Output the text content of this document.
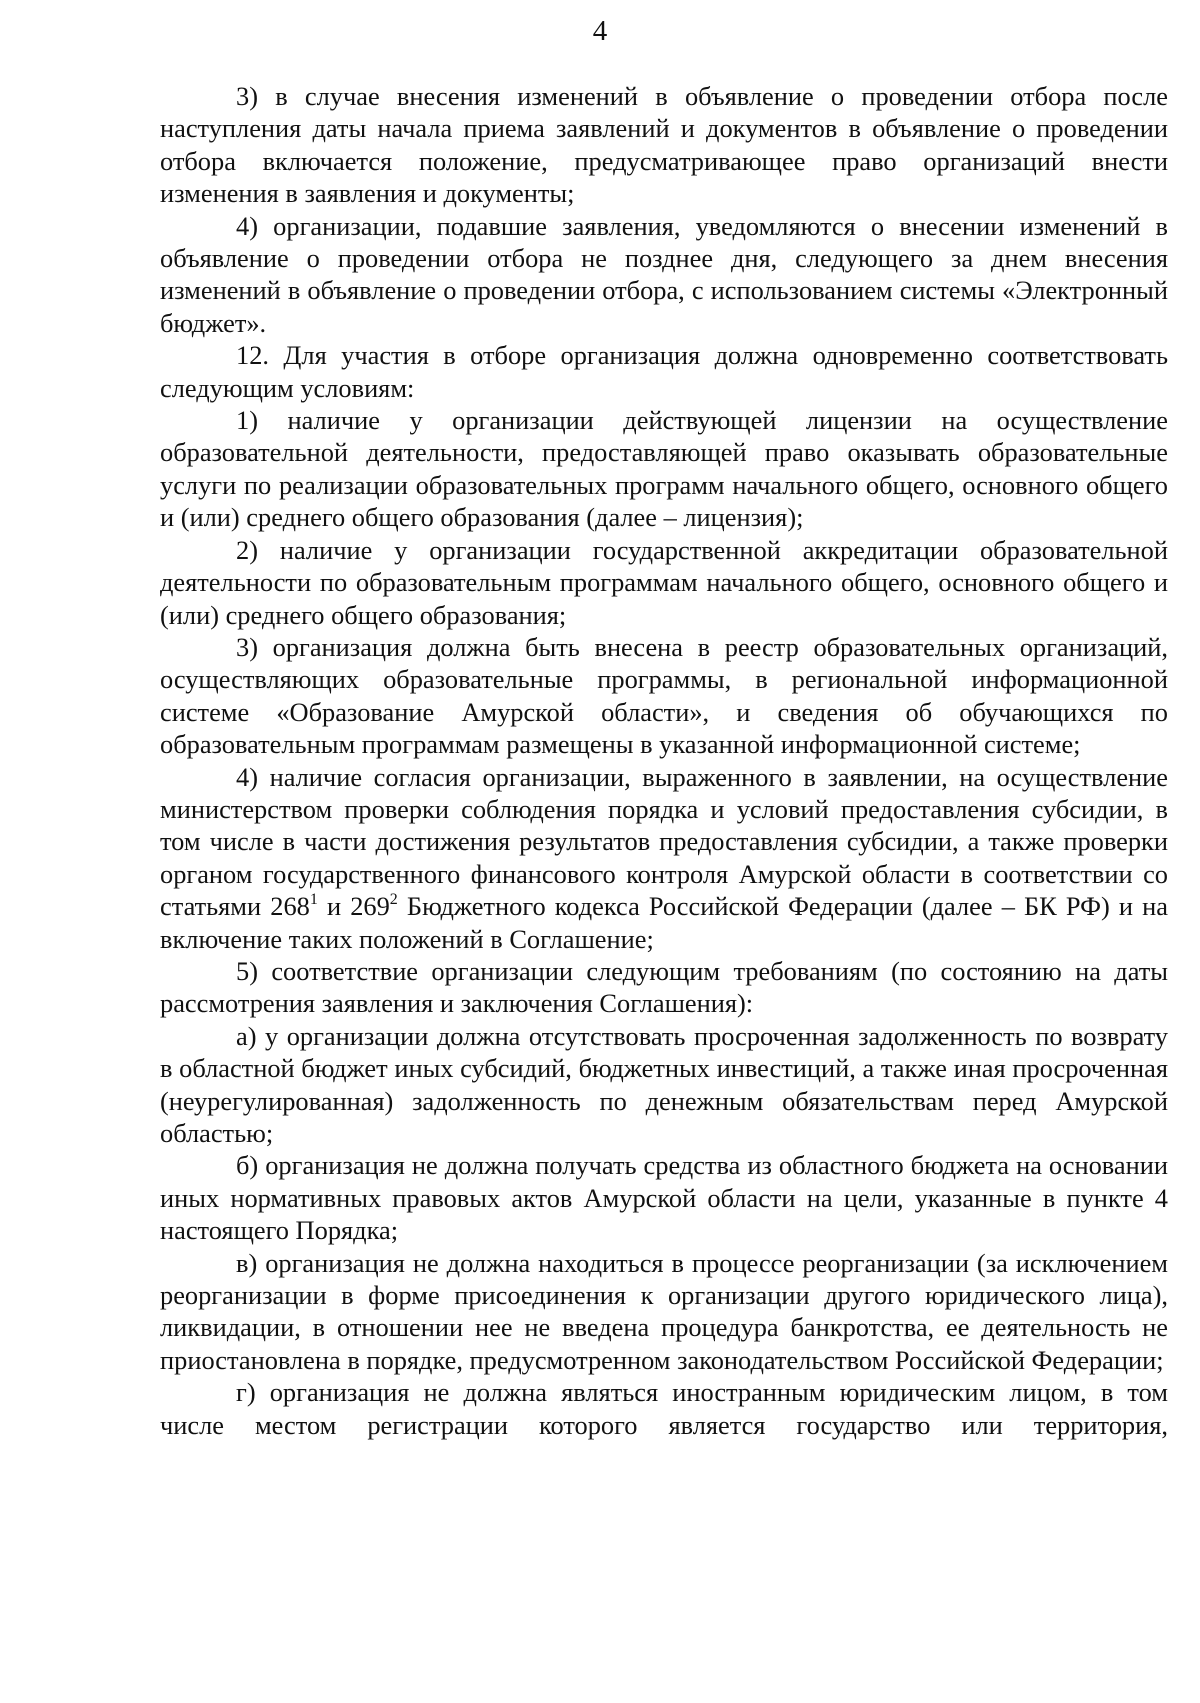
4

3) в случае внесения изменений в объявление о проведении отбора после наступления даты начала приема заявлений и документов в объявление о проведении отбора включается положение, предусматривающее право организаций внести изменения в заявления и документы;

4) организации, подавшие заявления, уведомляются о внесении изменений в объявление о проведении отбора не позднее дня, следующего за днем внесения изменений в объявление о проведении отбора, с использованием системы «Электронный бюджет».

12. Для участия в отборе организация должна одновременно соответствовать следующим условиям:

1) наличие у организации действующей лицензии на осуществление образовательной деятельности, предоставляющей право оказывать образовательные услуги по реализации образовательных программ начального общего, основного общего и (или) среднего общего образования (далее – лицензия);

2) наличие у организации государственной аккредитации образовательной деятельности по образовательным программам начального общего, основного общего и (или) среднего общего образования;

3) организация должна быть внесена в реестр образовательных организаций, осуществляющих образовательные программы, в региональной информационной системе «Образование Амурской области», и сведения об обучающихся по образовательным программам размещены в указанной информационной системе;

4) наличие согласия организации, выраженного в заявлении, на осуществление министерством проверки соблюдения порядка и условий предоставления субсидии, в том числе в части достижения результатов предоставления субсидии, а также проверки органом государственного финансового контроля Амурской области в соответствии со статьями $268^1$ и $269^2$ Бюджетного кодекса Российской Федерации (далее – БК РФ) и на включение таких положений в Соглашение;

5) соответствие организации следующим требованиям (по состоянию на даты рассмотрения заявления и заключения Соглашения):

а) у организации должна отсутствовать просроченная задолженность по возврату в областной бюджет иных субсидий, бюджетных инвестиций, а также иная просроченная (неурегулированная) задолженность по денежным обязательствам перед Амурской областью;

б) организация не должна получать средства из областного бюджета на основании иных нормативных правовых актов Амурской области на цели, указанные в пункте 4 настоящего Порядка;

в) организация не должна находиться в процессе реорганизации (за исключением реорганизации в форме присоединения к организации другого юридического лица), ликвидации, в отношении нее не введена процедура банкротства, ее деятельность не приостановлена в порядке, предусмотренном законодательством Российской Федерации;

г) организация не должна являться иностранным юридическим лицом, в том числе местом регистрации которого является государство или территория,
